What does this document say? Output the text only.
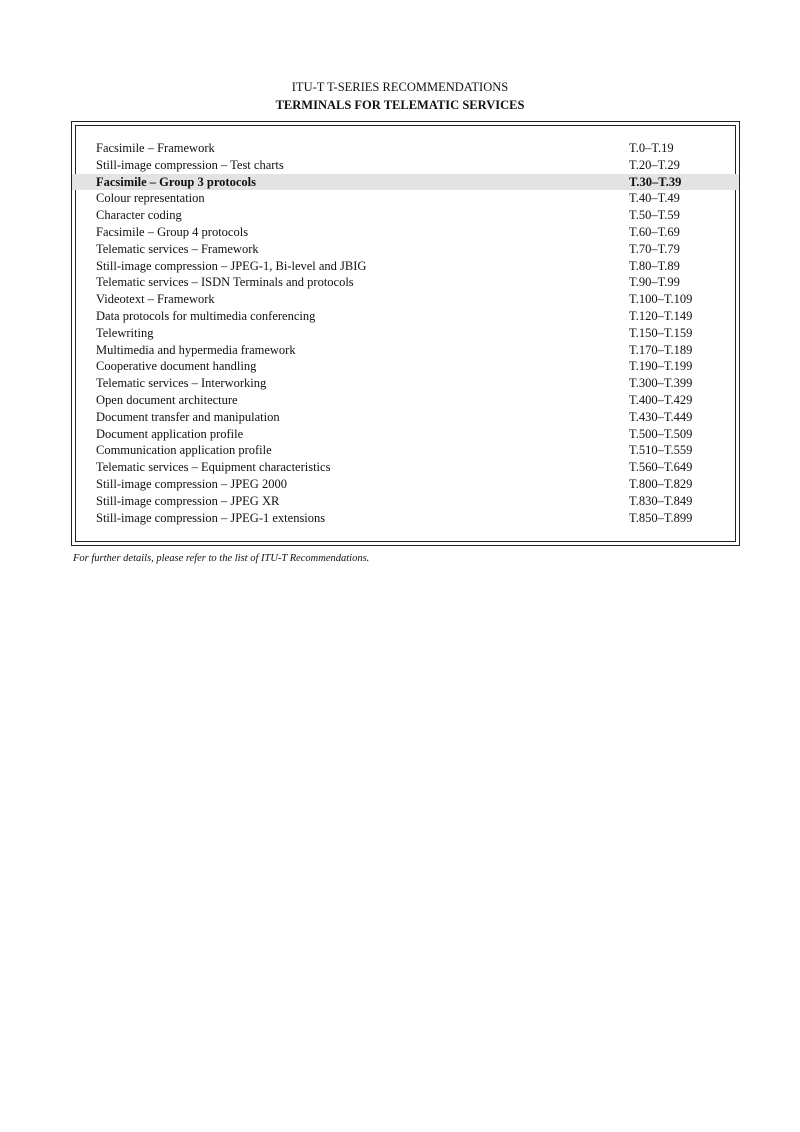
ITU-T T-SERIES RECOMMENDATIONS

TERMINALS FOR TELEMATIC SERVICES

Facsimile – Framework	T.0–T.19
Still-image compression – Test charts	T.20–T.29
Facsimile – Group 3 protocols	T.30–T.39
Colour representation	T.40–T.49
Character coding	T.50–T.59
Facsimile – Group 4 protocols	T.60–T.69
Telematic services – Framework	T.70–T.79
Still-image compression – JPEG-1, Bi-level and JBIG	T.80–T.89
Telematic services – ISDN Terminals and protocols	T.90–T.99
Videotext – Framework	T.100–T.109
Data protocols for multimedia conferencing	T.120–T.149
Telewriting	T.150–T.159
Multimedia and hypermedia framework	T.170–T.189
Cooperative document handling	T.190–T.199
Telematic services – Interworking	T.300–T.399
Open document architecture	T.400–T.429
Document transfer and manipulation	T.430–T.449
Document application profile	T.500–T.509
Communication application profile	T.510–T.559
Telematic services – Equipment characteristics	T.560–T.649
Still-image compression – JPEG 2000	T.800–T.829
Still-image compression – JPEG XR	T.830–T.849
Still-image compression – JPEG-1 extensions	T.850–T.899

For further details, please refer to the list of ITU-T Recommendations.
